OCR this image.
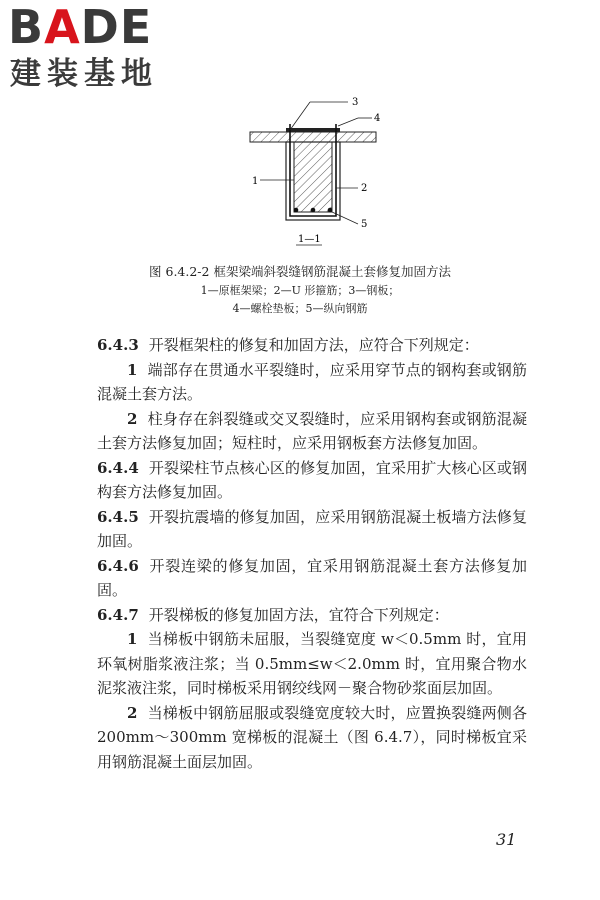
BADE
建装基地
3
4
1
2
5
1—1
图 6.4.2-2 框架梁端斜裂缝钢筋混凝土套修复加固方法
1—原框架梁；2—U 形箍筋；3—钢板；
4—螺栓垫板；5—纵向钢筋

6.4.3 开裂框架柱的修复和加固方法，应符合下列规定：

1 端部存在贯通水平裂缝时，应采用穿节点的钢构套或钢筋混凝土套方法。

2 柱身存在斜裂缝或交叉裂缝时，应采用钢构套或钢筋混凝土套方法修复加固；短柱时，应采用钢板套方法修复加固。

6.4.4 开裂梁柱节点核心区的修复加固，宜采用扩大核心区或钢构套方法修复加固。

6.4.5 开裂抗震墙的修复加固，应采用钢筋混凝土板墙方法修复加固。

6.4.6 开裂连梁的修复加固，宜采用钢筋混凝土套方法修复加固。

6.4.7 开裂梯板的修复加固方法，宜符合下列规定：

1 当梯板中钢筋未屈服，当裂缝宽度 w＜0.5mm 时，宜用环氧树脂浆液注浆；当 0.5mm≤w＜2.0mm 时，宜用聚合物水泥浆液注浆，同时梯板采用钢绞线网－聚合物砂浆面层加固。

2 当梯板中钢筋屈服或裂缝宽度较大时，应置换裂缝两侧各 200mm～300mm 宽梯板的混凝土（图 6.4.7），同时梯板宜采用钢筋混凝土面层加固。

31
